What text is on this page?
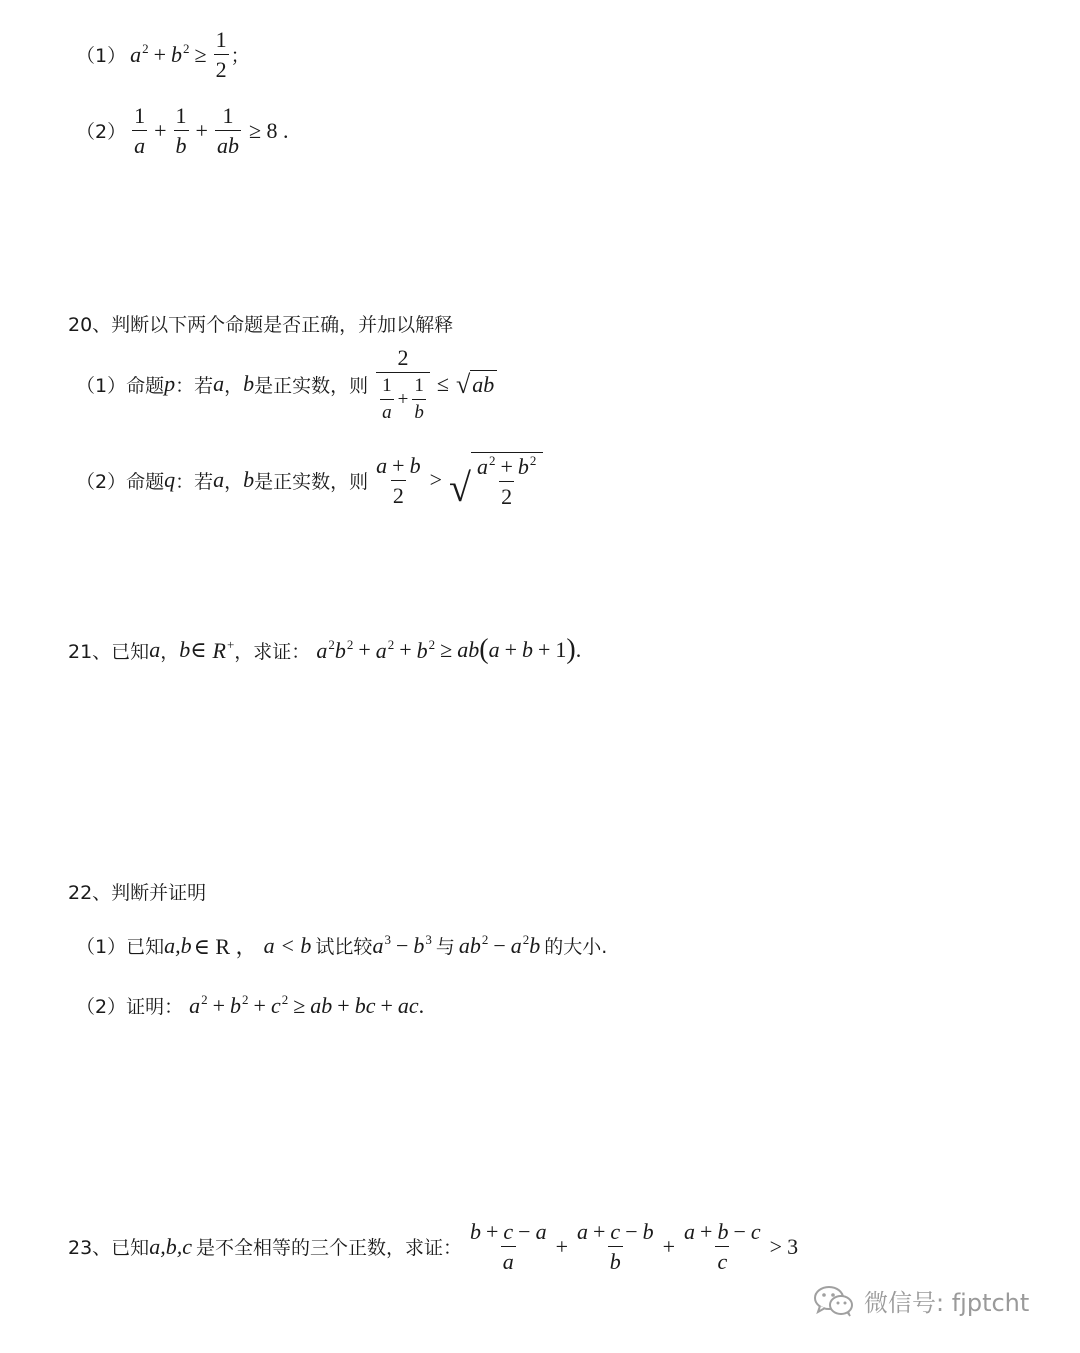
（1） $a^2 + b^2 \ge \frac{1}{2}$ ；
$(2) \frac{1}{a} + \frac{1}{b} + \frac{1}{ab} \ge 8$ .
20、判断以下两个命题是否正确，并加以解释
（1）命题 p ：若 a ， b 是正实数，则 $\frac{2}{\frac{1}{a} + \frac{1}{b}}$ ≤ √ ab
（2）命题 q ：若 a ， b 是正实数，则 $\frac{a + b}{2}$ > √ $\frac{a^2 + b^2}{2}$
21、已知 a ， b∈ R+ ，求证： $a^2b^2 + a^2 + b^2$ ≥ ab ( a + b + 1 ) .
22、判断并证明
（1）已知 a,b ∈ R ， a < b 试比较 $a^3 - b^3$ 与 $ab^2 - a^2b$ 的大小.
（2）证明： $a^2 + b^2 + c^2$ ≥ ab + bc + ac .
23、已知 a,b,c 是不全相等的三个正数，求证： $\frac{b + c - a}{a} + \frac{a + c - b}{b} + \frac{a + b - c}{c} > 3$
微信号: fjptcht
